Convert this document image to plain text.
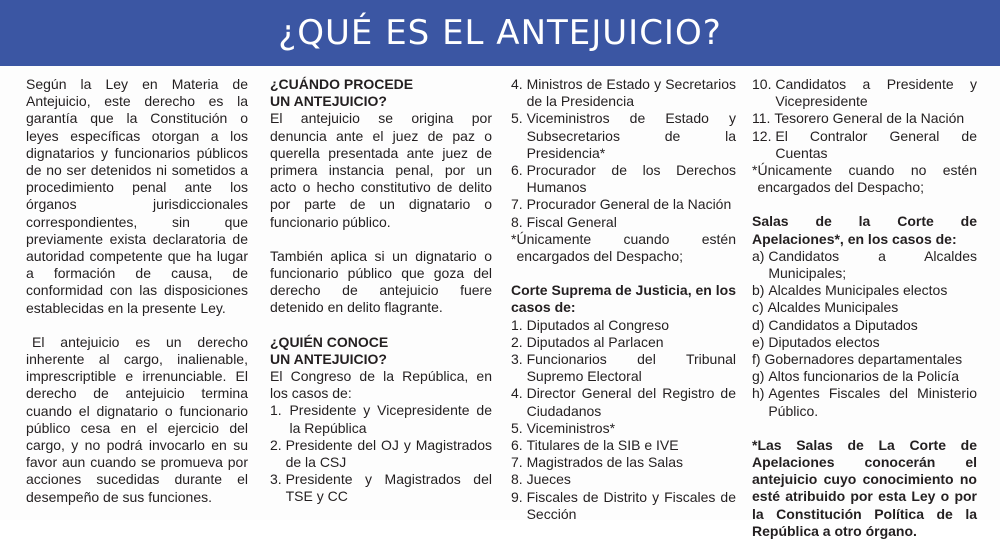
¿QUÉ ES EL ANTEJUICIO?

Según la Ley en Materia de Antejuicio, este derecho es la garantía que la Constitución o leyes específicas otorgan a los dignatarios y funcionarios públicos de no ser detenidos ni sometidos a procedimiento penal ante los órganos jurisdiccionales correspondientes, sin que previamente exista declaratoria de autoridad competente que ha lugar a formación de causa, de conformidad con las disposiciones establecidas en la presente Ley.

El antejuicio es un derecho inherente al cargo, inalienable, imprescriptible e irrenunciable. El derecho de antejuicio termina cuando el dignatario o funcionario público cesa en el ejercicio del cargo, y no podrá invocarlo en su favor aun cuando se promueva por acciones sucedidas durante el desempeño de sus funciones.

¿CUÁNDO PROCEDE

UN ANTEJUICIO?

El antejuicio se origina por denuncia ante el juez de paz o querella presentada ante juez de primera instancia penal, por un acto o hecho constitutivo de delito por parte de un dignatario o funcionario público.

También aplica si un dignatario o funcionario público que goza del derecho de antejuicio fuere detenido en delito flagrante.

¿QUIÉN CONOCE

UN ANTEJUICIO?

El Congreso de la República, en los casos de:

1. Presidente y Vicepresidente de la República
2. Presidente del OJ y Magistrados de la CSJ
3. Presidente y Magistrados del TSE y CC
4. Ministros de Estado y Secretarios de la Presidencia
5. Viceministros de Estado y Subsecretarios de la Presidencia*
6. Procurador de los Derechos Humanos
7. Procurador General de la Nación
8. Fiscal General
* Únicamente cuando estén encargados del Despacho;

Corte Suprema de Justicia, en los casos de:

1. Diputados al Congreso
2. Diputados al Parlacen
3. Funcionarios del Tribunal Supremo Electoral
4. Director General del Registro de Ciudadanos
5. Viceministros*
6. Titulares de la SIB e IVE
7. Magistrados de las Salas
8. Jueces
9. Fiscales de Distrito y Fiscales de Sección
10. Candidatos a Presidente y Vicepresidente
11. Tesorero General de la Nación
12. El Contralor General de Cuentas
* Únicamente cuando no estén encargados del Despacho;

Salas de la Corte de Apelaciones*, en los casos de:

a) Candidatos a Alcaldes Municipales;
b) Alcaldes Municipales electos
c) Alcaldes Municipales
d) Candidatos a Diputados
e) Diputados electos
f) Gobernadores departamentales
g) Altos funcionarios de la Policía
h) Agentes Fiscales del Ministerio Público.

*Las Salas de La Corte de Apelaciones conocerán el antejuicio cuyo conocimiento no esté atribuido por esta Ley o por la Constitución Política de la República a otro órgano.
